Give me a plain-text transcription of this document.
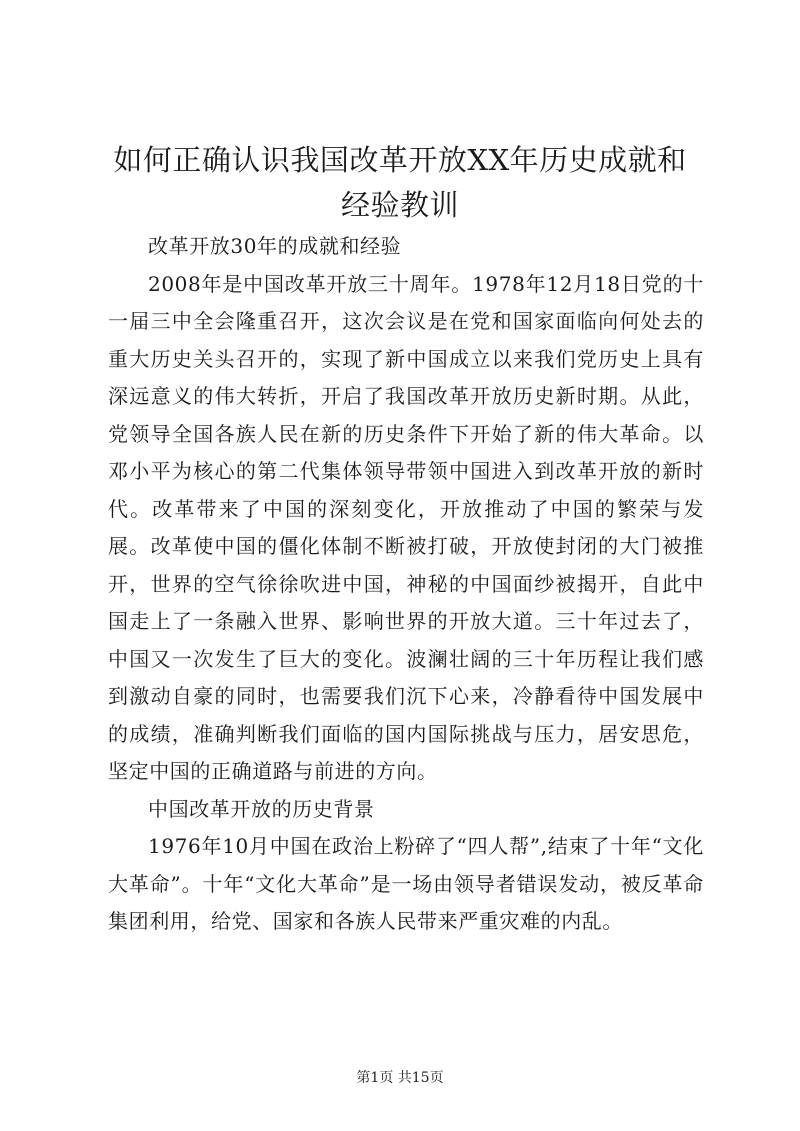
如何正确认识我国改革开放XX年历史成就和
经验教训

改革开放30年的成就和经验

2008年是中国改革开放三十周年。1978年12月18日党的十一届三中全会隆重召开，这次会议是在党和国家面临向何处去的重大历史关头召开的，实现了新中国成立以来我们党历史上具有深远意义的伟大转折，开启了我国改革开放历史新时期。从此，党领导全国各族人民在新的历史条件下开始了新的伟大革命。以邓小平为核心的第二代集体领导带领中国进入到改革开放的新时代。改革带来了中国的深刻变化，开放推动了中国的繁荣与发展。改革使中国的僵化体制不断被打破，开放使封闭的大门被推开，世界的空气徐徐吹进中国，神秘的中国面纱被揭开，自此中国走上了一条融入世界、影响世界的开放大道。三十年过去了，中国又一次发生了巨大的变化。波澜壮阔的三十年历程让我们感到激动自豪的同时，也需要我们沉下心来，冷静看待中国发展中的成绩，准确判断我们面临的国内国际挑战与压力，居安思危，坚定中国的正确道路与前进的方向。

中国改革开放的历史背景

1976年10月中国在政治上粉碎了“四人帮”,结束了十年“文化大革命”。十年“文化大革命”是一场由领导者错误发动，被反革命集团利用，给党、国家和各族人民带来严重灾难的内乱。

第1页 共15页
